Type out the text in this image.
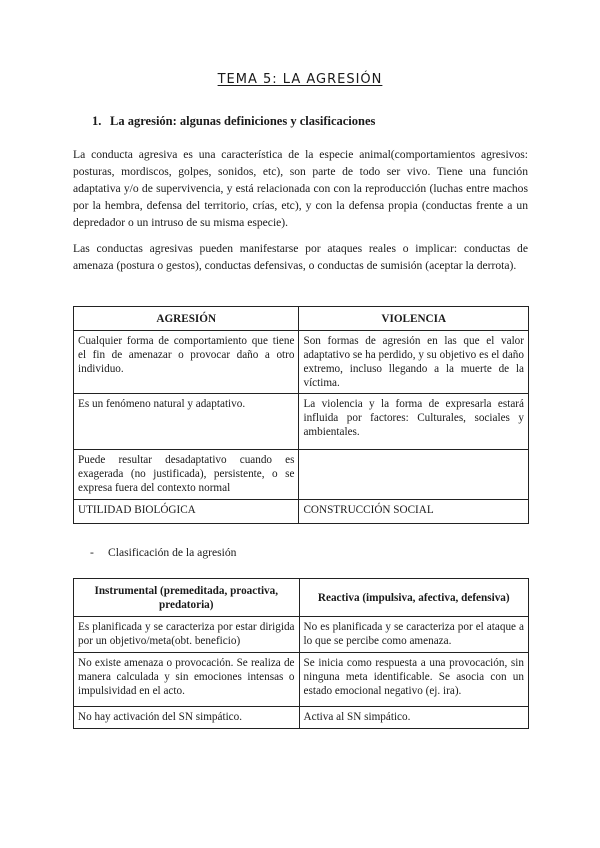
TEMA 5: LA AGRESIÓN
1. La agresión: algunas definiciones y clasificaciones

La conducta agresiva es una característica de la especie animal(comportamientos agresivos: posturas, mordiscos, golpes, sonidos, etc), son parte de todo ser vivo. Tiene una función adaptativa y/o de supervivencia, y está relacionada con con la reproducción (luchas entre machos por la hembra, defensa del territorio, crías, etc), y con la defensa propia (conductas frente a un depredador o un intruso de su misma especie).

Las conductas agresivas pueden manifestarse por ataques reales o implicar: conductas de amenaza (postura o gestos), conductas defensivas, o conductas de sumisión (aceptar la derrota).

AGRESIÓN	VIOLENCIA
Cualquier forma de comportamiento que tiene el fin de amenazar o provocar daño a otro individuo.	Son formas de agresión en las que el valor adaptativo se ha perdido, y su objetivo es el daño extremo, incluso llegando a la muerte de la víctima.
Es un fenómeno natural y adaptativo.	La violencia y la forma de expresarla estará influida por factores: Culturales, sociales y ambientales.
Puede resultar desadaptativo cuando es exagerada (no justificada), persistente, o se expresa fuera del contexto normal	
UTILIDAD BIOLÓGICA	CONSTRUCCIÓN SOCIAL
- Clasificación de la agresión
Instrumental (premeditada, proactiva, predatoria)	Reactiva (impulsiva, afectiva, defensiva)
Es planificada y se caracteriza por estar dirigida por un objetivo/meta(obt. beneficio)	No es planificada y se caracteriza por el ataque a lo que se percibe como amenaza.
No existe amenaza o provocación. Se realiza de manera calculada y sin emociones intensas o impulsividad en el acto.	Se inicia como respuesta a una provocación, sin ninguna meta identificable. Se asocia con un estado emocional negativo (ej. ira).
No hay activación del SN simpático.	Activa al SN simpático.
